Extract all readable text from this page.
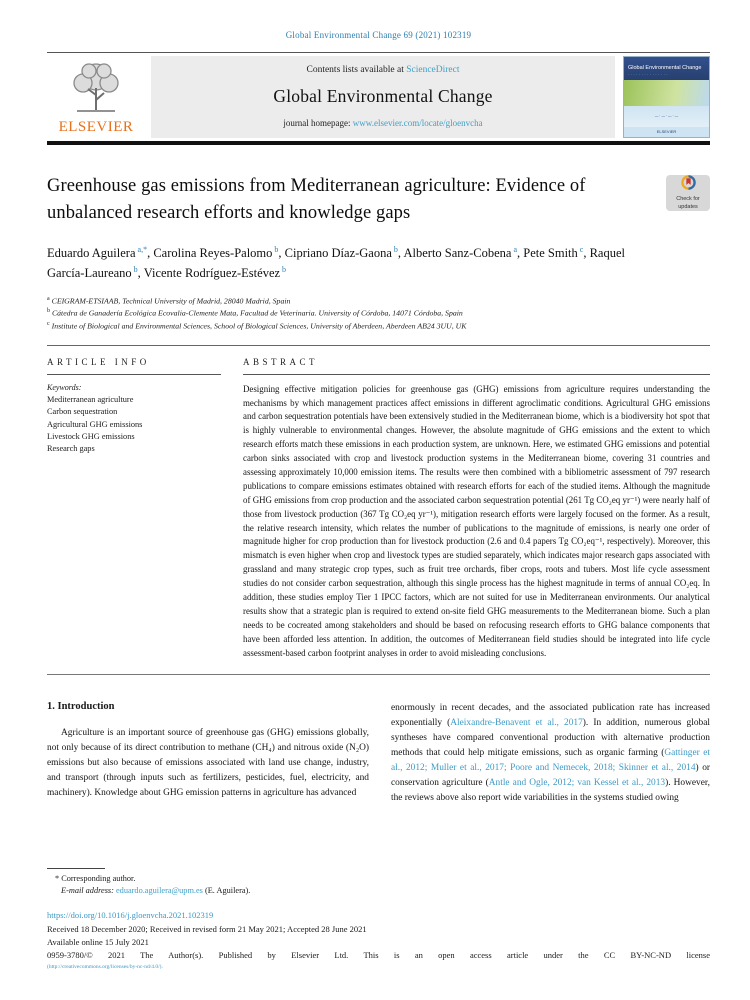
Global Environmental Change 69 (2021) 102319
ELSEVIER
Contents lists available at ScienceDirect
Global Environmental Change
journal homepage: www.elsevier.com/locate/gloenvcha
Global Environmental Change
· · · · · · · · · · · · · · ·
— · — · — · —
ELSEVIER
Greenhouse gas emissions from Mediterranean agriculture: Evidence of unbalanced research efforts and knowledge gaps
Check for updates
Eduardo Aguilera $^{a,*}$, Carolina Reyes-Palomo $^b$, Cipriano Díaz-Gaona $^b$, Alberto Sanz-Cobena $^a$, Pete Smith $^c$, Raquel García-Laureano $^b$, Vicente Rodríguez-Estévez $^b$
$^a$ CEIGRAM-ETSIAAB, Technical University of Madrid, 28040 Madrid, Spain
$^b$ Cátedra de Ganadería Ecológica Ecovalia-Clemente Mata, Facultad de Veterinaria. University of Córdoba, 14071 Córdoba, Spain
$^c$ Institute of Biological and Environmental Sciences, School of Biological Sciences, University of Aberdeen, Aberdeen AB24 3UU, UK
ARTICLE INFO
Keywords:
Mediterranean agriculture
Carbon sequestration
Agricultural GHG emissions
Livestock GHG emissions
Research gaps
ABSTRACT
Designing effective mitigation policies for greenhouse gas (GHG) emissions from agriculture requires understanding the mechanisms by which management practices affect emissions in different agroclimatic conditions. Agricultural GHG emissions and carbon sequestration potentials have been extensively studied in the Mediterranean biome, which is a biodiversity hot spot that is highly vulnerable to environmental changes. However, the absolute magnitude of GHG emissions and the extent to which research efforts match these emissions in each production system, are unknown. Here, we estimated GHG emissions and potential carbon sinks associated with crop and livestock production systems in the Mediterranean biome, covering 31 countries and assessing approximately 10,000 emission items. The results were then combined with a bibliometric assessment of 797 research publications to compare emissions estimates obtained with research efforts for each of the studied items. Although the magnitude of GHG emissions from crop production and the associated carbon sequestration potential (261 Tg CO₂eq yr⁻¹) were nearly half of those from livestock production (367 Tg CO₂eq yr⁻¹), mitigation research efforts were largely focused on the former. As a result, the relative research intensity, which relates the number of publications to the magnitude of emissions, is nearly one order of magnitude higher for crop production than for livestock production (2.6 and 0.4 papers Tg CO₂eq⁻¹, respectively). Moreover, this mismatch is even higher when crop and livestock types are studied separately, which indicates major research gaps associated with grassland and many strategic crop types, such as fruit tree orchards, fiber crops, roots and tubers. Most life cycle assessment studies do not consider carbon sequestration, although this single process has the highest magnitude in terms of annual CO₂eq. In addition, these studies employ Tier 1 IPCC factors, which are not suited for use in Mediterranean environments. Our analytical results show that a strategic plan is required to extend on-site field GHG measurements to the Mediterranean biome. Such a plan needs to be cocreated among stakeholders and should be based on refocusing research efforts to GHG balance components that have been afforded less attention. In addition, the outcomes of Mediterranean field studies should be integrated into life cycle assessment-based carbon footprint analyses in order to avoid misleading conclusions.
1. Introduction
Agriculture is an important source of greenhouse gas (GHG) emissions globally, not only because of its direct contribution to methane (CH₄) and nitrous oxide (N₂O) emissions but also because of emissions associated with land use change, industry, and transport (through inputs such as fertilizers, pesticides, fuel, electricity, and machinery). Knowledge about GHG emission patterns in agriculture has advanced
enormously in recent decades, and the associated publication rate has increased exponentially (Aleixandre-Benavent et al., 2017). In addition, numerous global syntheses have compared conventional production with alternative production methods that could help mitigate emissions, such as organic farming (Gattinger et al., 2012; Muller et al., 2017; Poore and Nemecek, 2018; Skinner et al., 2014) or conservation agriculture (Antle and Ogle, 2012; van Kessel et al., 2013). However, the reviews above also report wide variabilities in the systems studied owing
* Corresponding author.
E-mail address: eduardo.aguilera@upm.es (E. Aguilera).
https://doi.org/10.1016/j.gloenvcha.2021.102319
Received 18 December 2020; Received in revised form 21 May 2021; Accepted 28 June 2021
Available online 15 July 2021
0959-3780/© 2021 The Author(s). Published by Elsevier Ltd. This is an open access article under the CC BY-NC-ND license
(http://creativecommons.org/licenses/by-nc-nd/4.0/).
